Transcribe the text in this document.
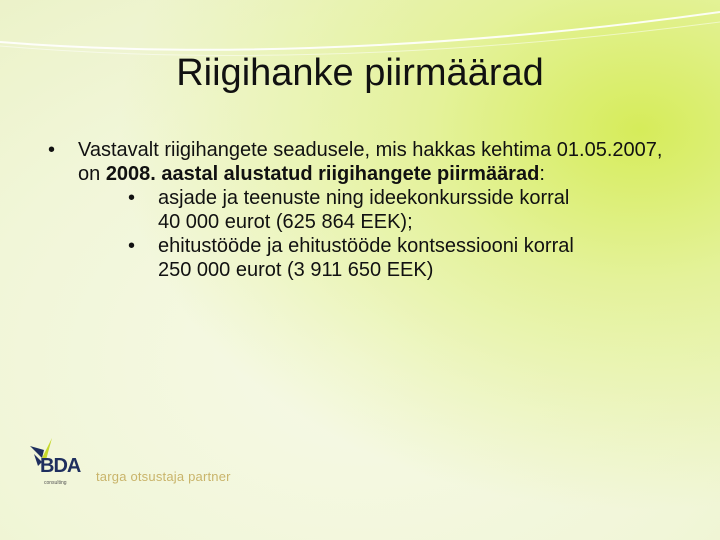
Riigihanke piirmäärad
• Vastavalt riigihangete seadusele, mis hakkas kehtima 01.05.2007, on 2008. aastal alustatud riigihangete piirmäärad:
• asjade ja teenuste ning ideekonkursside korral
40 000 eurot (625 864 EEK);
• ehitustööde ja ehitustööde kontsessiooni korral
250 000 eurot (3 911 650 EEK)
BDA
consulting targa otsustaja partner
